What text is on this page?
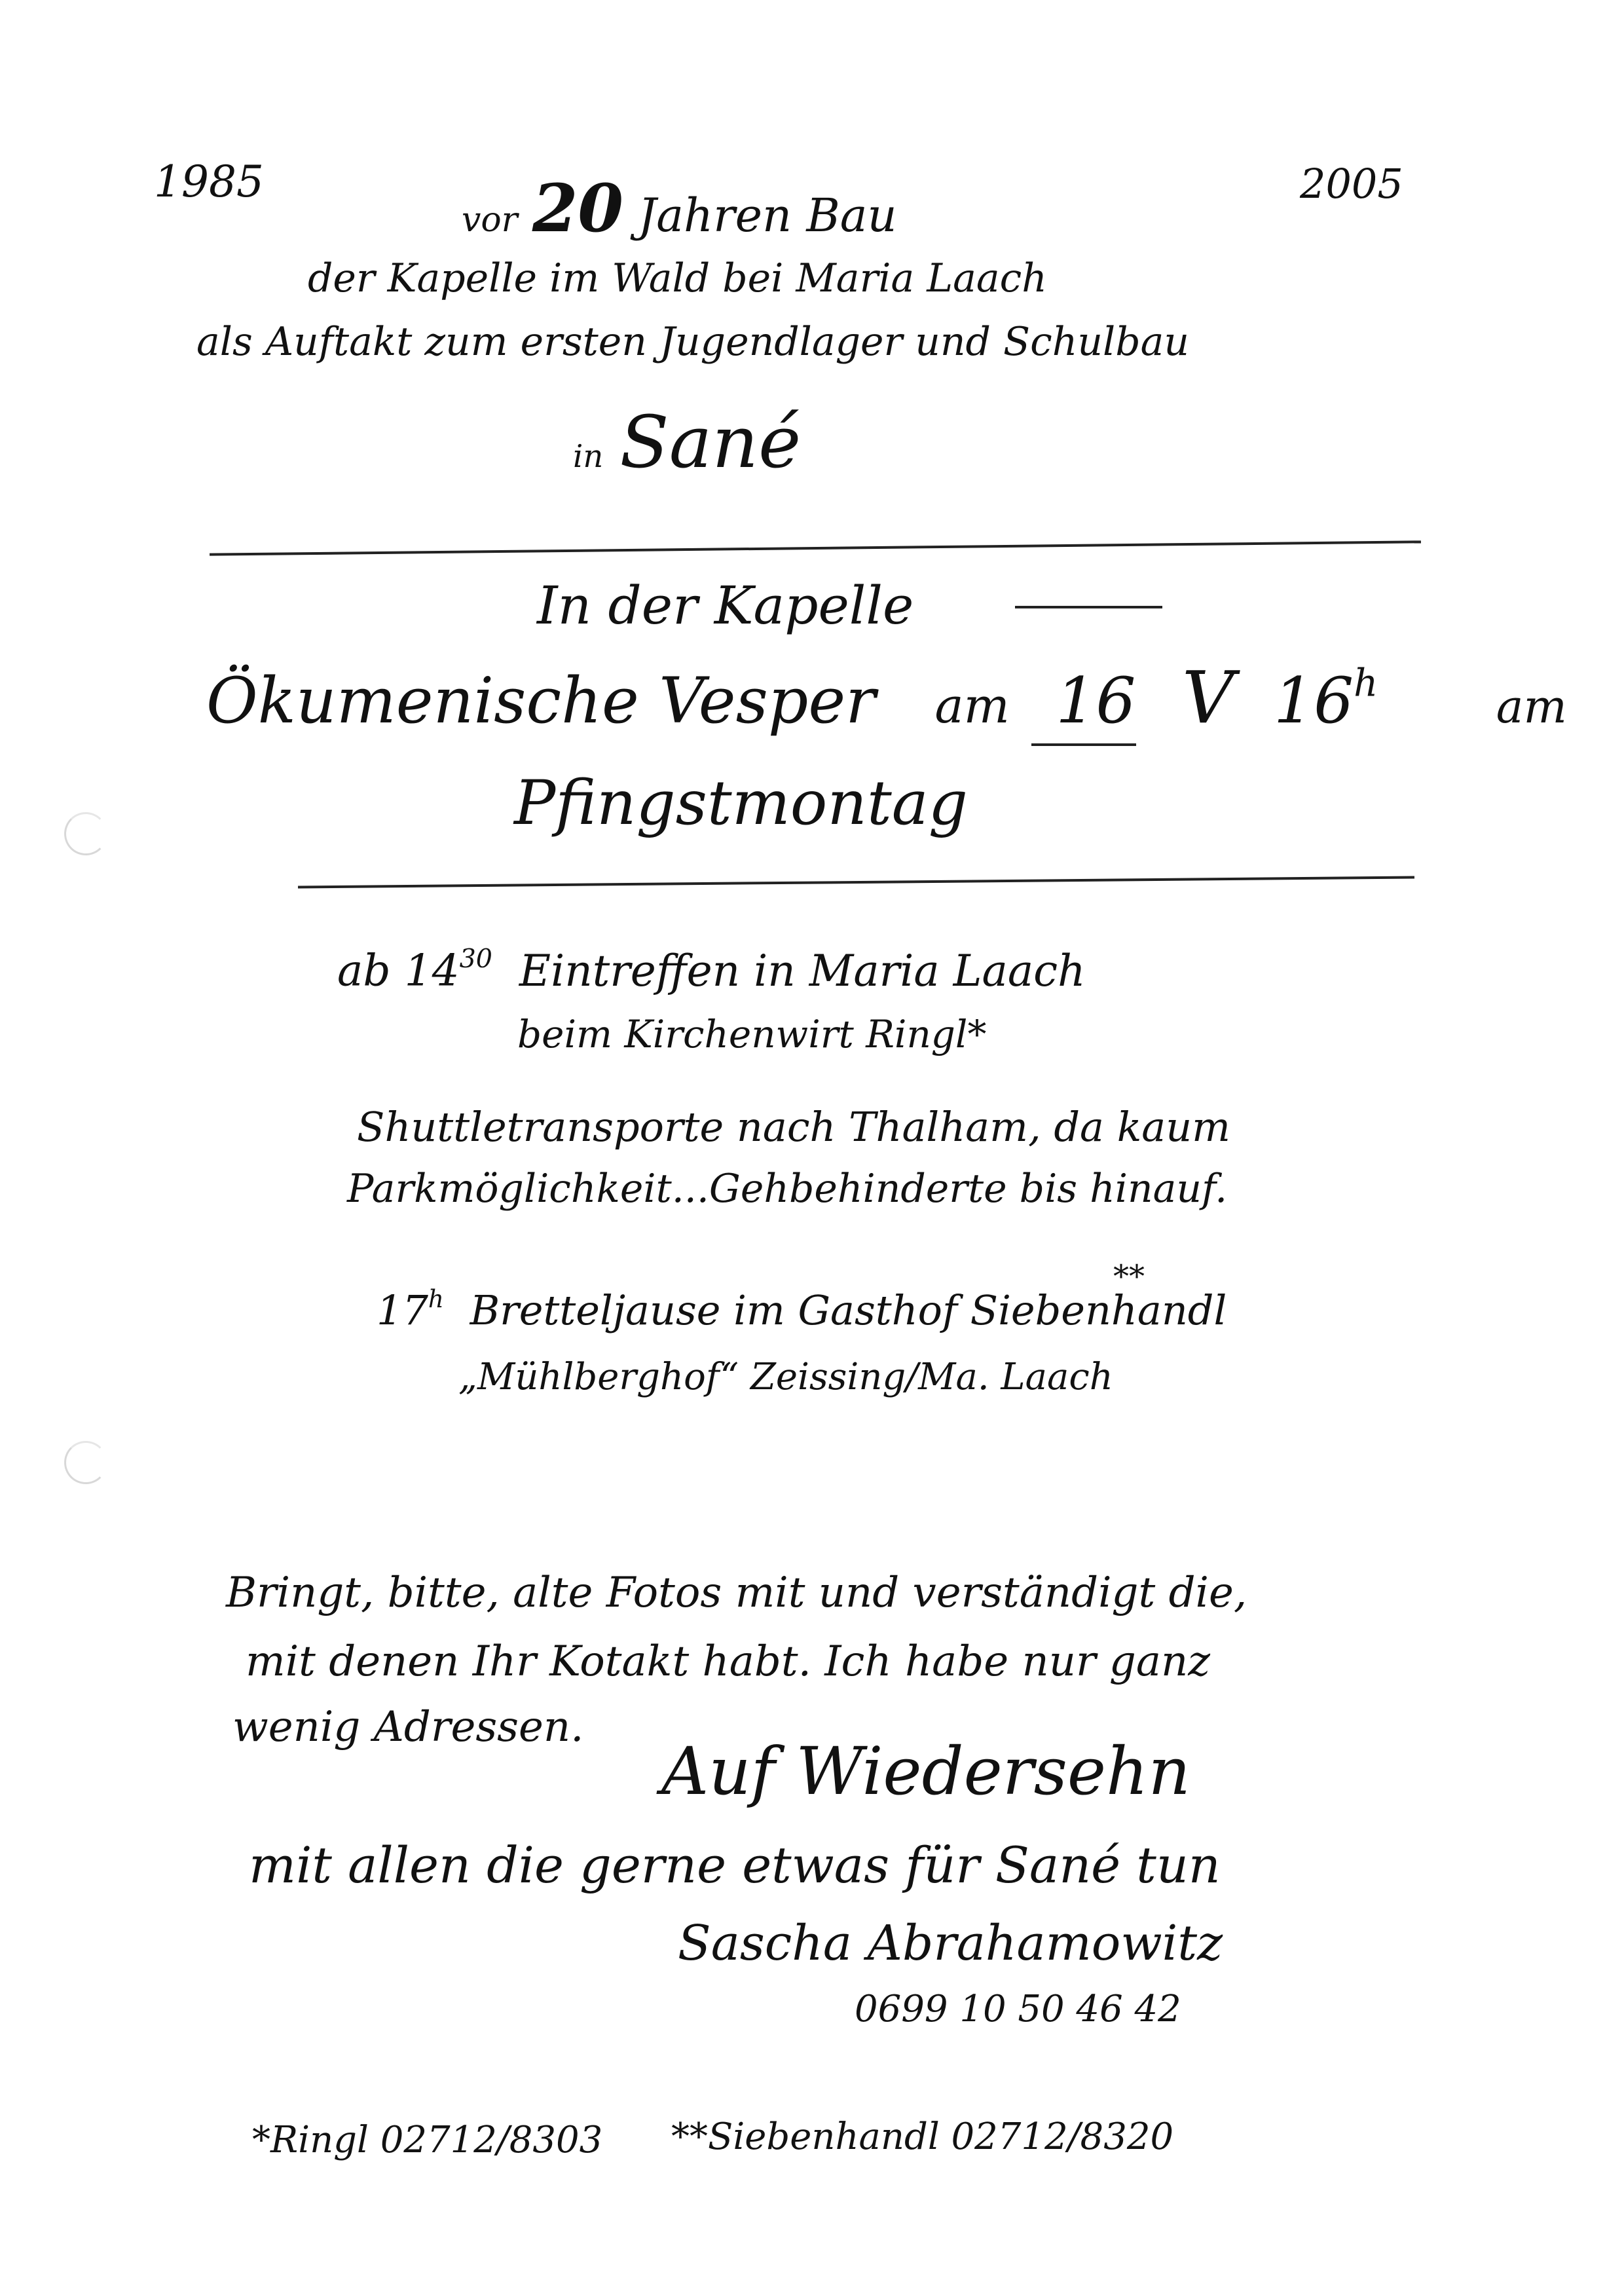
1985	2005
vor 20 Jahren Bau
der Kapelle im Wald bei Maria Laach
als Auftakt zum ersten Jugendlager und Schulbau
in Sané
In der Kapelle
Ökumenische Vesper am 16 V 16$^h$	am
Pfingstmontag
ab $14^{30}$ Eintreffen in Maria Laach
beim Kirchenwirt Ringl*
Shuttletransporte nach Thalham, da kaum
Parkmöglichkeit...Gehbehinderte bis hinauf.
17$^h$ Bretteljause im Gasthof Siebenhandl
**
„Mühlberghof“ Zeissing/Ma. Laach
Bringt, bitte, alte Fotos mit und verständigt die,
mit denen Ihr Kotakt habt. Ich habe nur ganz
wenig Adressen.
Auf Wiedersehn
mit allen die gerne etwas für Sané tun
Sascha Abrahamowitz
0699 10 50 46 42
*Ringl 02712/8303 **Siebenhandl 02712/8320
